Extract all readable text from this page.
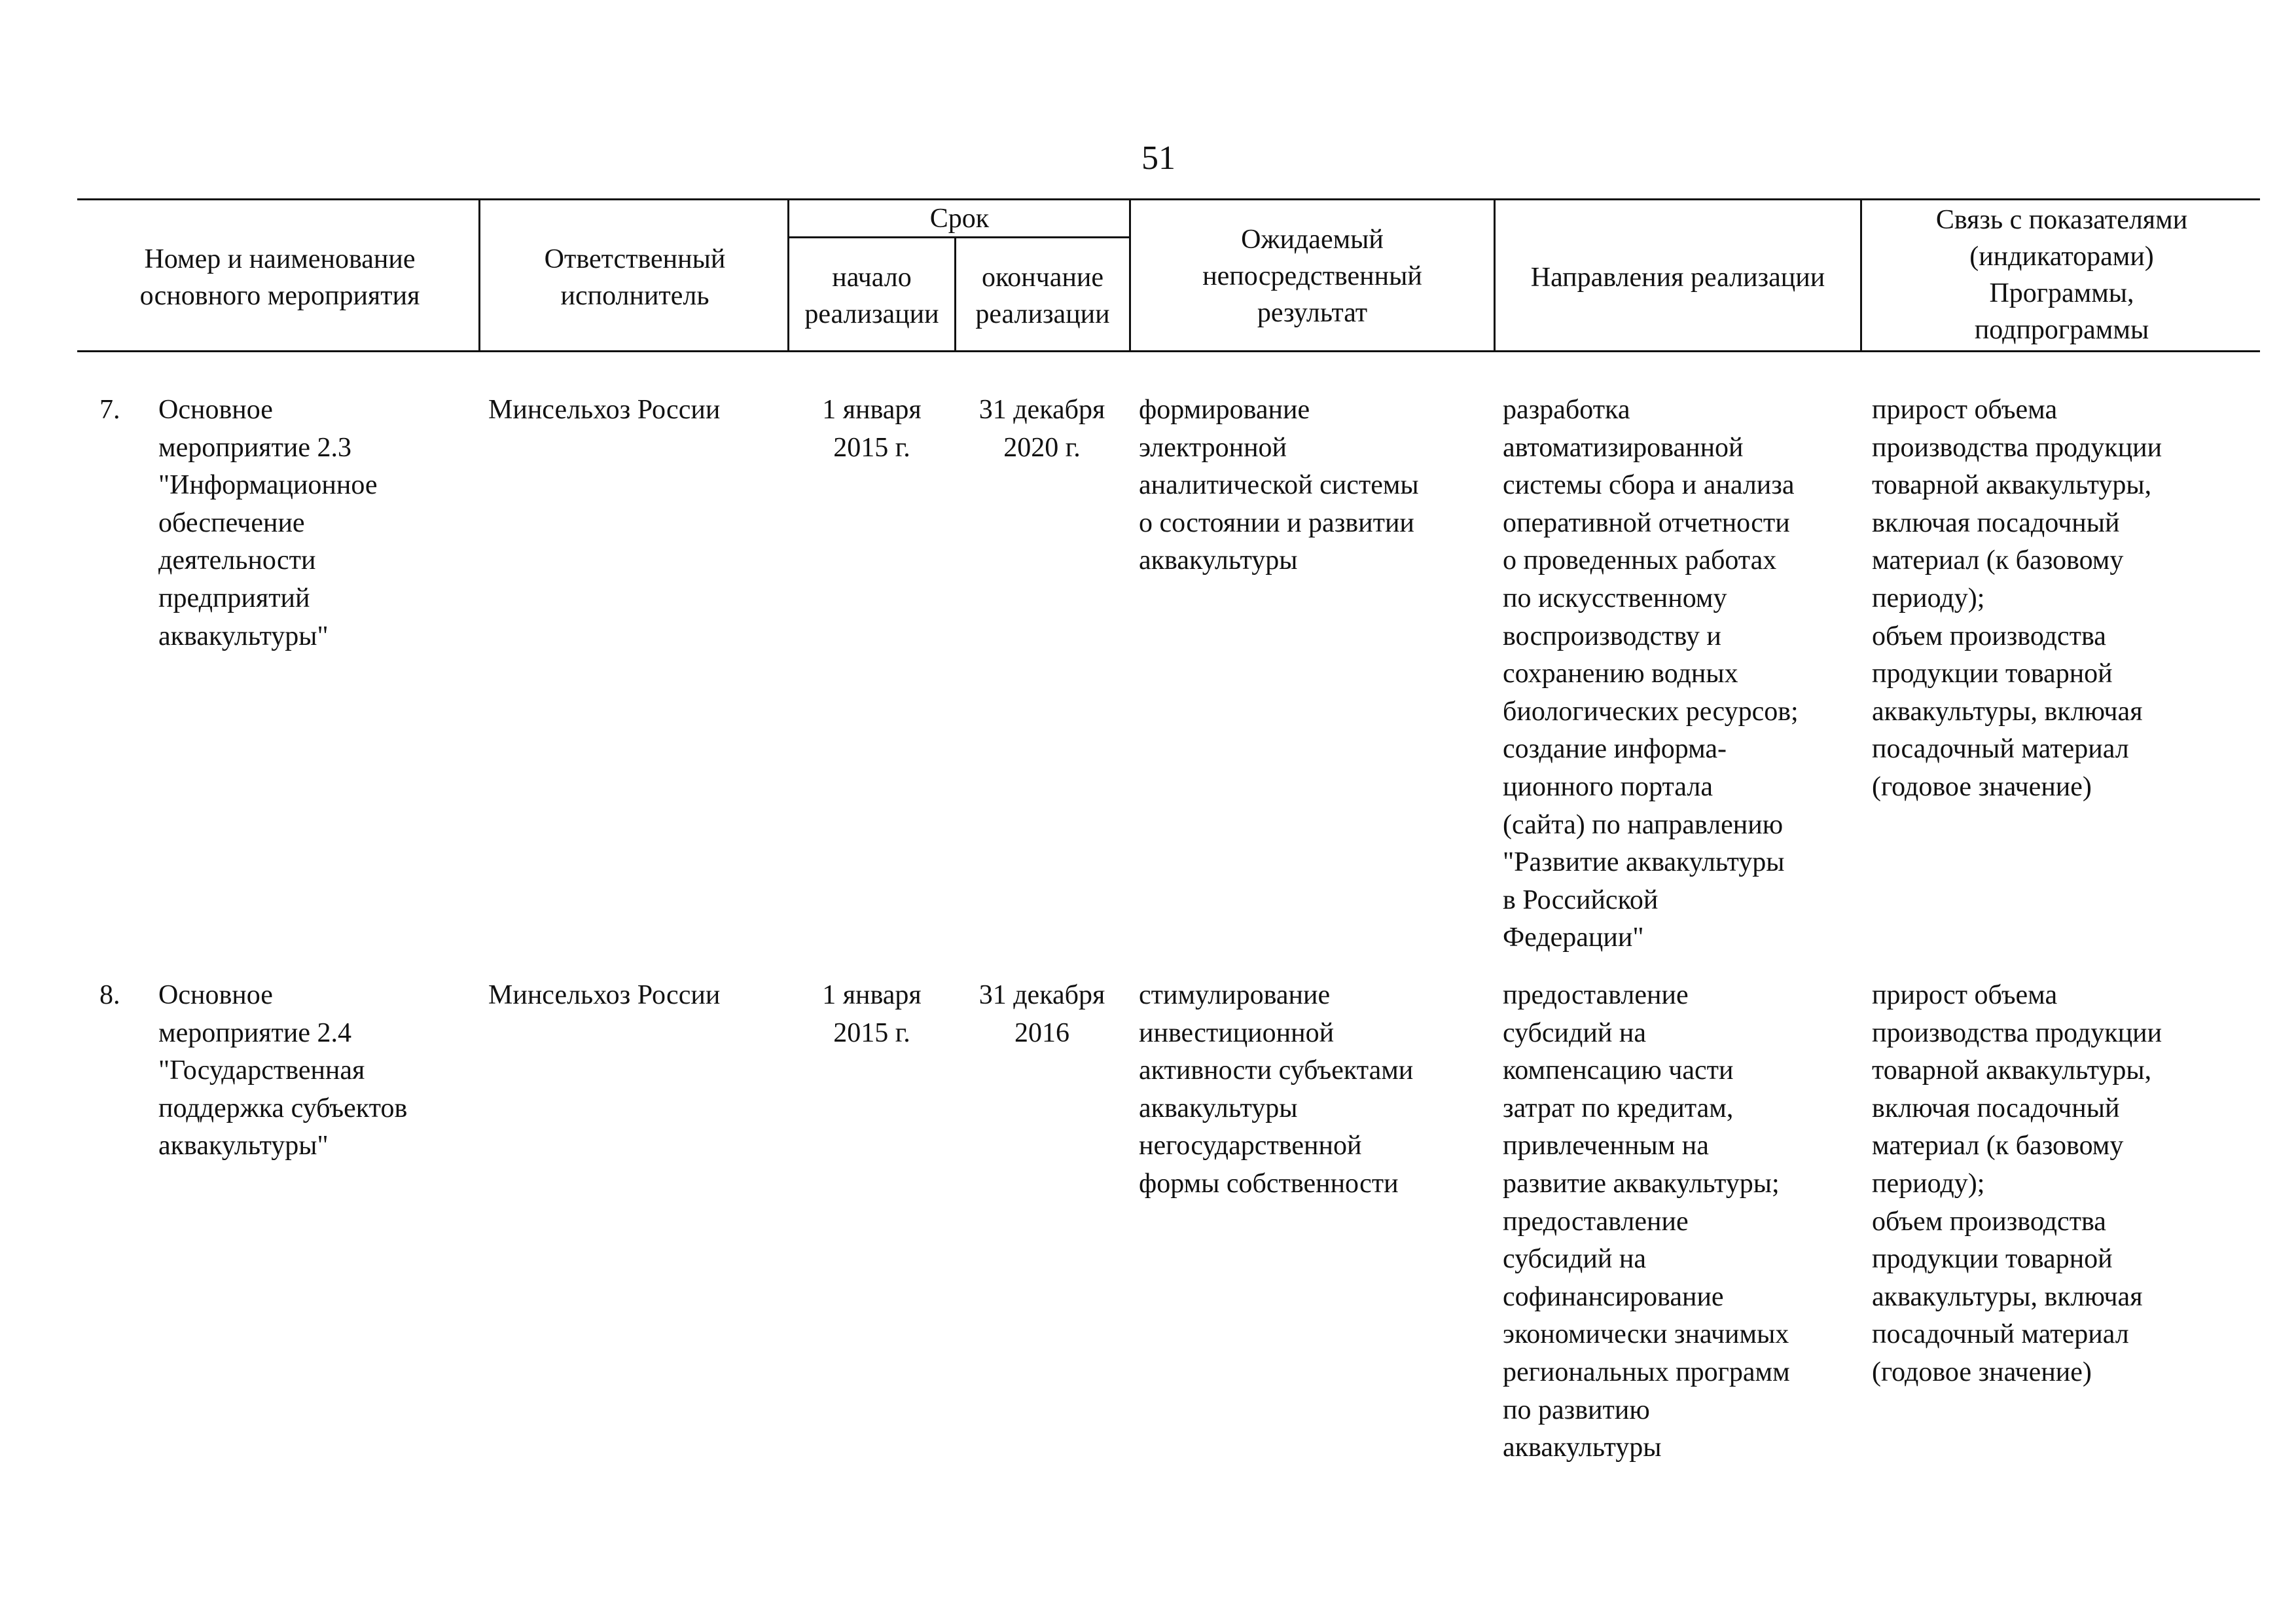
51
Номер и наименование
основного мероприятия
Ответственный
исполнитель
Срок
начало
реализации
окончание
реализации
Ожидаемый
непосредственный
результат
Направления реализации
Связь с показателями
(индикаторами)
Программы,
подпрограммы
7. Основное
мероприятие 2.3
"Информационное
обеспечение
деятельности
предприятий
аквакультуры"
Минсельхоз России	1 января
2015 г.
31 декабря
2020 г.
формирование
электронной
аналитической системы
о состоянии и развитии
аквакультуры
разработка
автоматизированной
системы сбора и анализа
оперативной отчетности
о проведенных работах
по искусственному
воспроизводству и
сохранению водных
биологических ресурсов;
создание информа-
ционного портала
(сайта) по направлению
"Развитие аквакультуры
в Российской
Федерации"
прирост объема
производства продукции
товарной аквакультуры,
включая посадочный
материал (к базовому
периоду);
объем производства
продукции товарной
аквакультуры, включая
посадочный материал
(годовое значение)
8. Основное
мероприятие 2.4
"Государственная
поддержка субъектов
аквакультуры"
Минсельхоз России	1 января
2015 г.
31 декабря
2016
стимулирование
инвестиционной
активности субъектами
аквакультуры
негосударственной
формы собственности
предоставление
субсидий на
компенсацию части
затрат по кредитам,
привлеченным на
развитие аквакультуры;
предоставление
субсидий на
софинансирование
экономически значимых
региональных программ
по развитию
аквакультуры
прирост объема
производства продукции
товарной аквакультуры,
включая посадочный
материал (к базовому
периоду);
объем производства
продукции товарной
аквакультуры, включая
посадочный материал
(годовое значение)
